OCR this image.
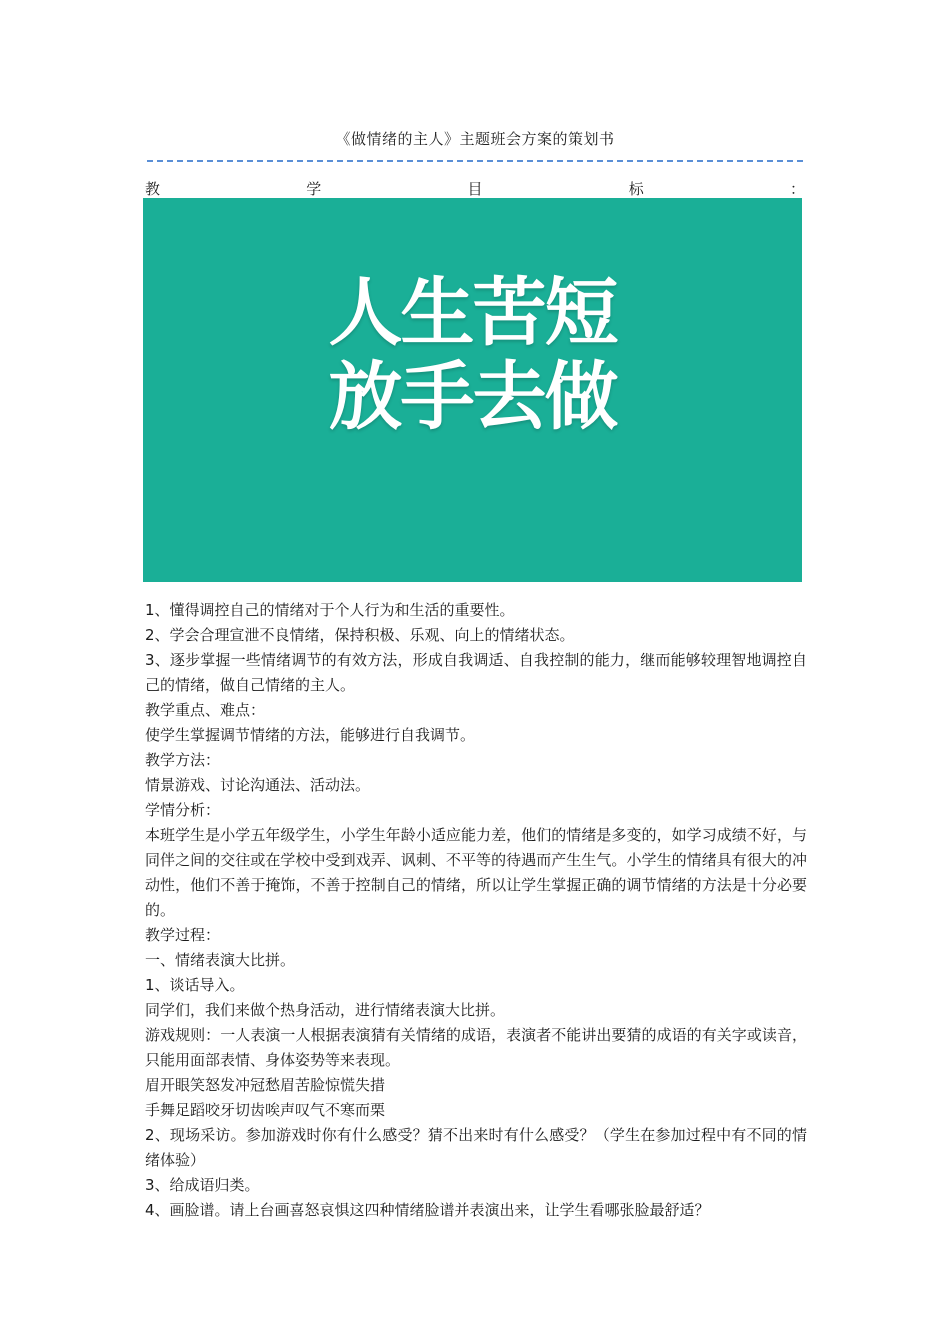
《做情绪的主人》主题班会方案的策划书
教	学	目	标	：
人生苦短
放手去做

1、懂得调控自己的情绪对于个人行为和生活的重要性。

2、学会合理宣泄不良情绪，保持积极、乐观、向上的情绪状态。

3、逐步掌握一些情绪调节的有效方法，形成自我调适、自我控制的能力，继而能够较理智地调控自己的情绪，做自己情绪的主人。

教学重点、难点：

使学生掌握调节情绪的方法，能够进行自我调节。

教学方法：

情景游戏、讨论沟通法、活动法。

学情分析：

本班学生是小学五年级学生，小学生年龄小适应能力差，他们的情绪是多变的，如学习成绩不好，与同伴之间的交往或在学校中受到戏弄、讽刺、不平等的待遇而产生生气。小学生的情绪具有很大的冲动性，他们不善于掩饰，不善于控制自己的情绪，所以让学生掌握正确的调节情绪的方法是十分必要的。

教学过程：

一、情绪表演大比拼。

1、谈话导入。

同学们，我们来做个热身活动，进行情绪表演大比拼。

游戏规则：一人表演一人根据表演猜有关情绪的成语，表演者不能讲出要猜的成语的有关字或读音，只能用面部表情、身体姿势等来表现。

眉开眼笑怒发冲冠愁眉苦脸惊慌失措

手舞足蹈咬牙切齿唉声叹气不寒而栗

2、现场采访。参加游戏时你有什么感受？猜不出来时有什么感受？（学生在参加过程中有不同的情绪体验）

3、给成语归类。

4、画脸谱。请上台画喜怒哀惧这四种情绪脸谱并表演出来，让学生看哪张脸最舒适？
